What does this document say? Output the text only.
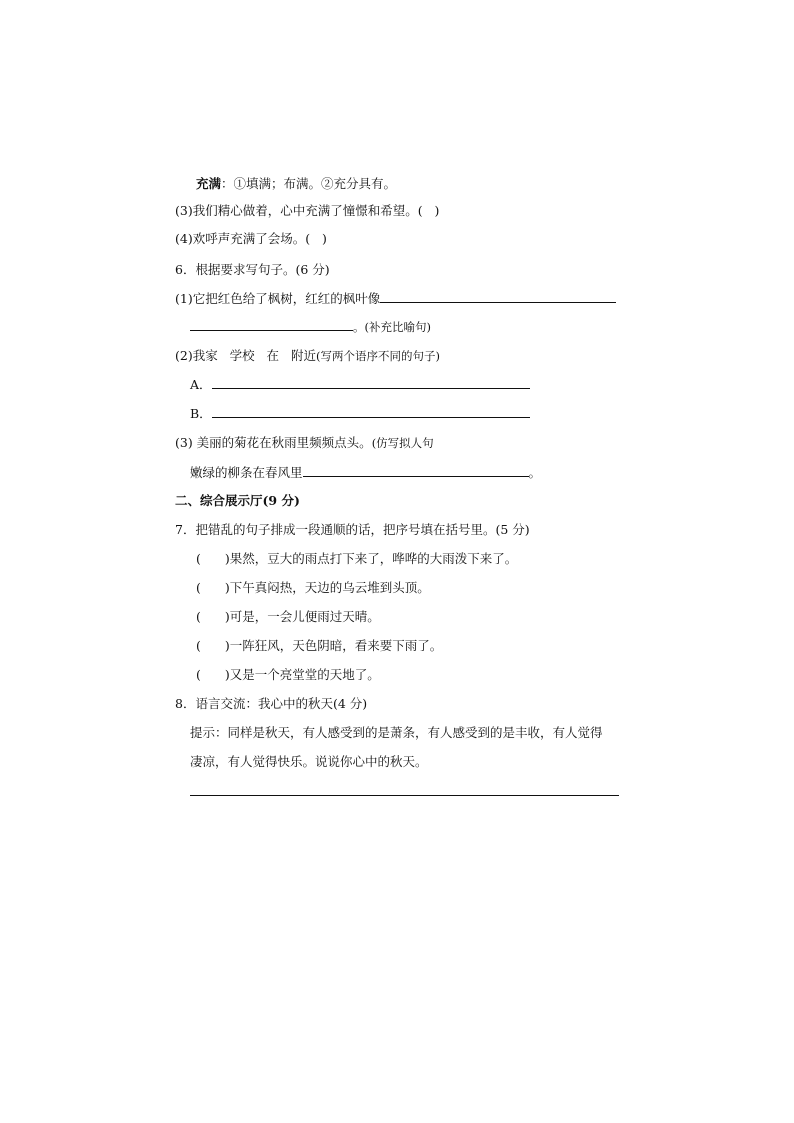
充满：①填满；布满。②充分具有。
(3)我们精心做着，心中充满了憧憬和希望。(   )
(4)欢呼声充满了会场。(   )
6．根据要求写句子。(6 分)
(1)它把红色给了枫树，红红的枫叶像
。(补充比喻句)
(2)我家   学校   在   附近(写两个语序不同的句子)
A．
B．
(3) 美丽的菊花在秋雨里频频点头。(仿写拟人句
嫩绿的柳条在春风里	。
二、综合展示厅(9 分)
7．把错乱的句子排成一段通顺的话，把序号填在括号里。(5 分)
( )果然，豆大的雨点打下来了，哗哗的大雨泼下来了。
( )下午真闷热，天边的乌云堆到头顶。
( )可是，一会儿便雨过天晴。
( )一阵狂风，天色阴暗，看来要下雨了。
( )又是一个亮堂堂的天地了。
8．语言交流：我心中的秋天(4 分)
提示：同样是秋天，有人感受到的是萧条，有人感受到的是丰收，有人觉得
凄凉，有人觉得快乐。说说你心中的秋天。
